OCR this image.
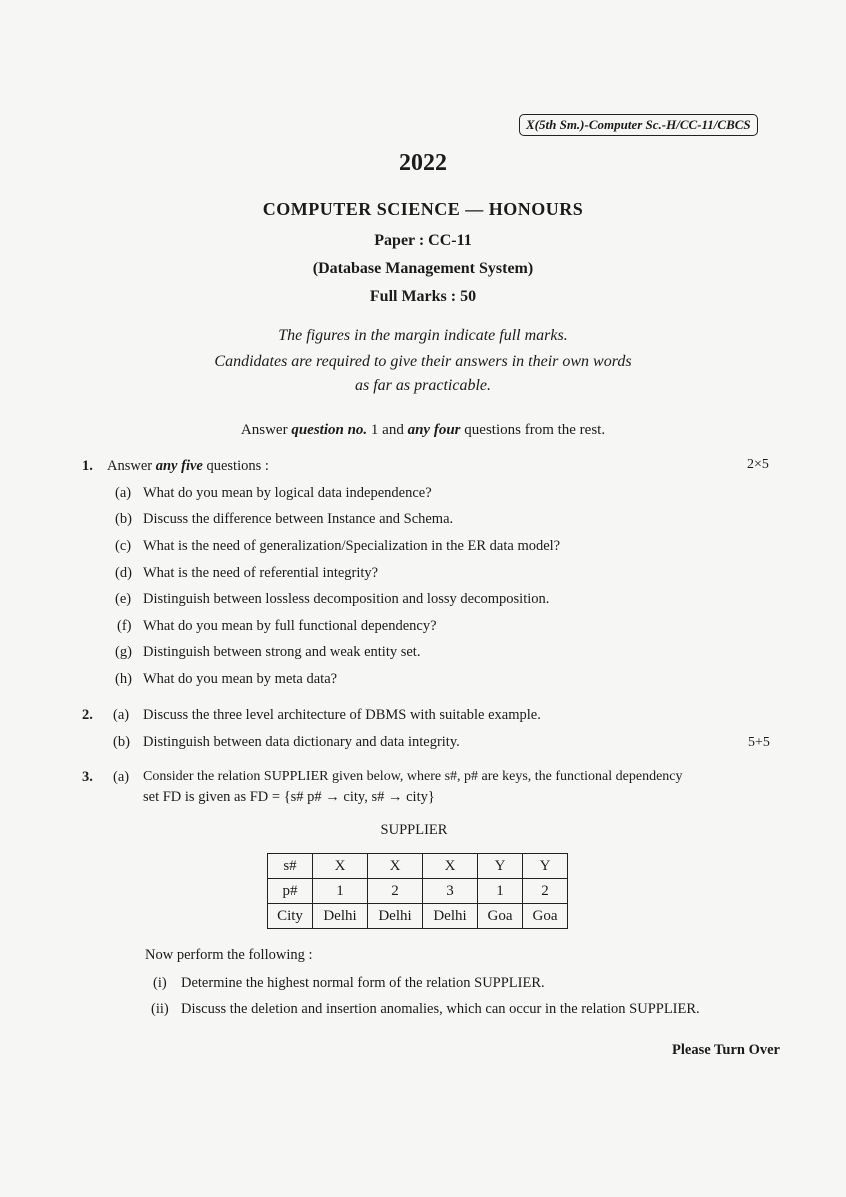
X(5th Sm.)-Computer Sc.-H/CC-11/CBCS
2022
COMPUTER SCIENCE — HONOURS
Paper : CC-11
(Database Management System)
Full Marks : 50
The figures in the margin indicate full marks.
Candidates are required to give their answers in their own words
as far as practicable.
Answer question no. 1 and any four questions from the rest.
1. Answer any five questions :	2×5
(a) What do you mean by logical data independence?
(b) Discuss the difference between Instance and Schema.
(c) What is the need of generalization/Specialization in the ER data model?
(d) What is the need of referential integrity?
(e) Distinguish between lossless decomposition and lossy decomposition.
(f) What do you mean by full functional dependency?
(g) Distinguish between strong and weak entity set.
(h) What do you mean by meta data?
2. (a) Discuss the three level architecture of DBMS with suitable example.
(b) Distinguish between data dictionary and data integrity.	5+5
3. (a) Consider the relation SUPPLIER given below, where s#, p# are keys, the functional dependency
set FD is given as FD = {s# p# → city, s# → city}
SUPPLIER
s#	X	X	X	Y	Y
p#	1	2	3	1	2
City	Delhi	Delhi	Delhi	Goa	Goa
Now perform the following :
(i) Determine the highest normal form of the relation SUPPLIER.
(ii) Discuss the deletion and insertion anomalies, which can occur in the relation SUPPLIER.
Please Turn Over
